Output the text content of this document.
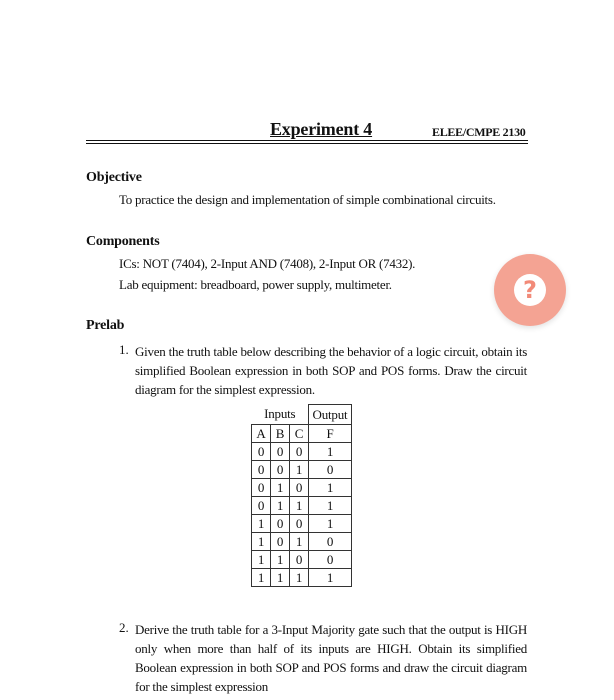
Experiment 4	ELEE/CMPE 2130
Objective
To practice the design and implementation of simple combinational circuits.
Components
ICs: NOT (7404), 2-Input AND (7408), 2-Input OR (7432).
Lab equipment: breadboard, power supply, multimeter.	?
Prelab
1. Given the truth table below describing the behavior of a logic circuit, obtain its simplified Boolean expression in both SOP and POS forms. Draw the circuit diagram for the simplest expression.
Inputs			Output
A	B	C	F
0	0	0	1
0	0	1	0
0	1	0	1
0	1	1	1
1	0	0	1
1	0	1	0
1	1	0	0
1	1	1	1
2. Derive the truth table for a 3-Input Majority gate such that the output is HIGH only when more than half of its inputs are HIGH. Obtain its simplified Boolean expression in both SOP and POS forms and draw the circuit diagram for the simplest expression
